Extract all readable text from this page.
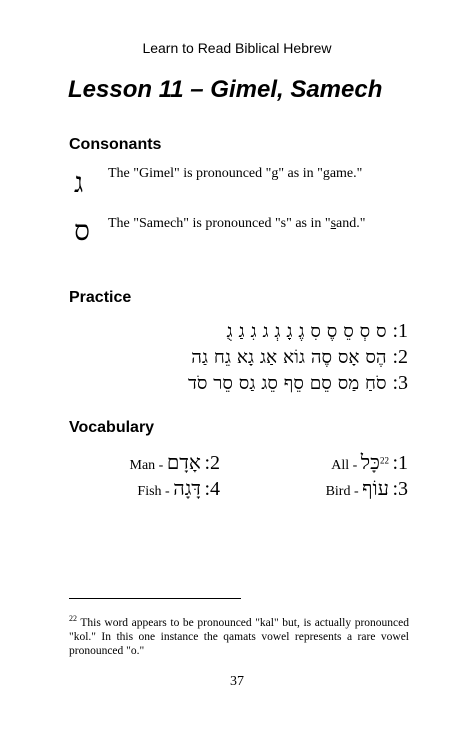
Learn to Read Biblical Hebrew
Lesson 11 – Gimel, Samech
Consonants
ג The "Gimel" is pronounced "g" as in "game."
ס The "Samech" is pronounced "s" as in "sand."
Practice
ס סְ סֵ סֶ סִ גֶ גָ גְ ג גִ גַ גֻ :1
הֶס אָס סֶה גוֹא אַג גָא גֵח גַה :2
סֹחַ מַס סֵם סֵף סֵג גַס סֵר סֹד :3
Vocabulary
All - כָּל$^{22}$ :1
Man - אָדָם :2
Bird - עוֹף :3
Fish - דָּגָה :4
$^{22}$ This word appears to be pronounced "kal" but, is actually pronounced "kol." In this one instance the qamats vowel represents a rare vowel pronounced "o."
37
